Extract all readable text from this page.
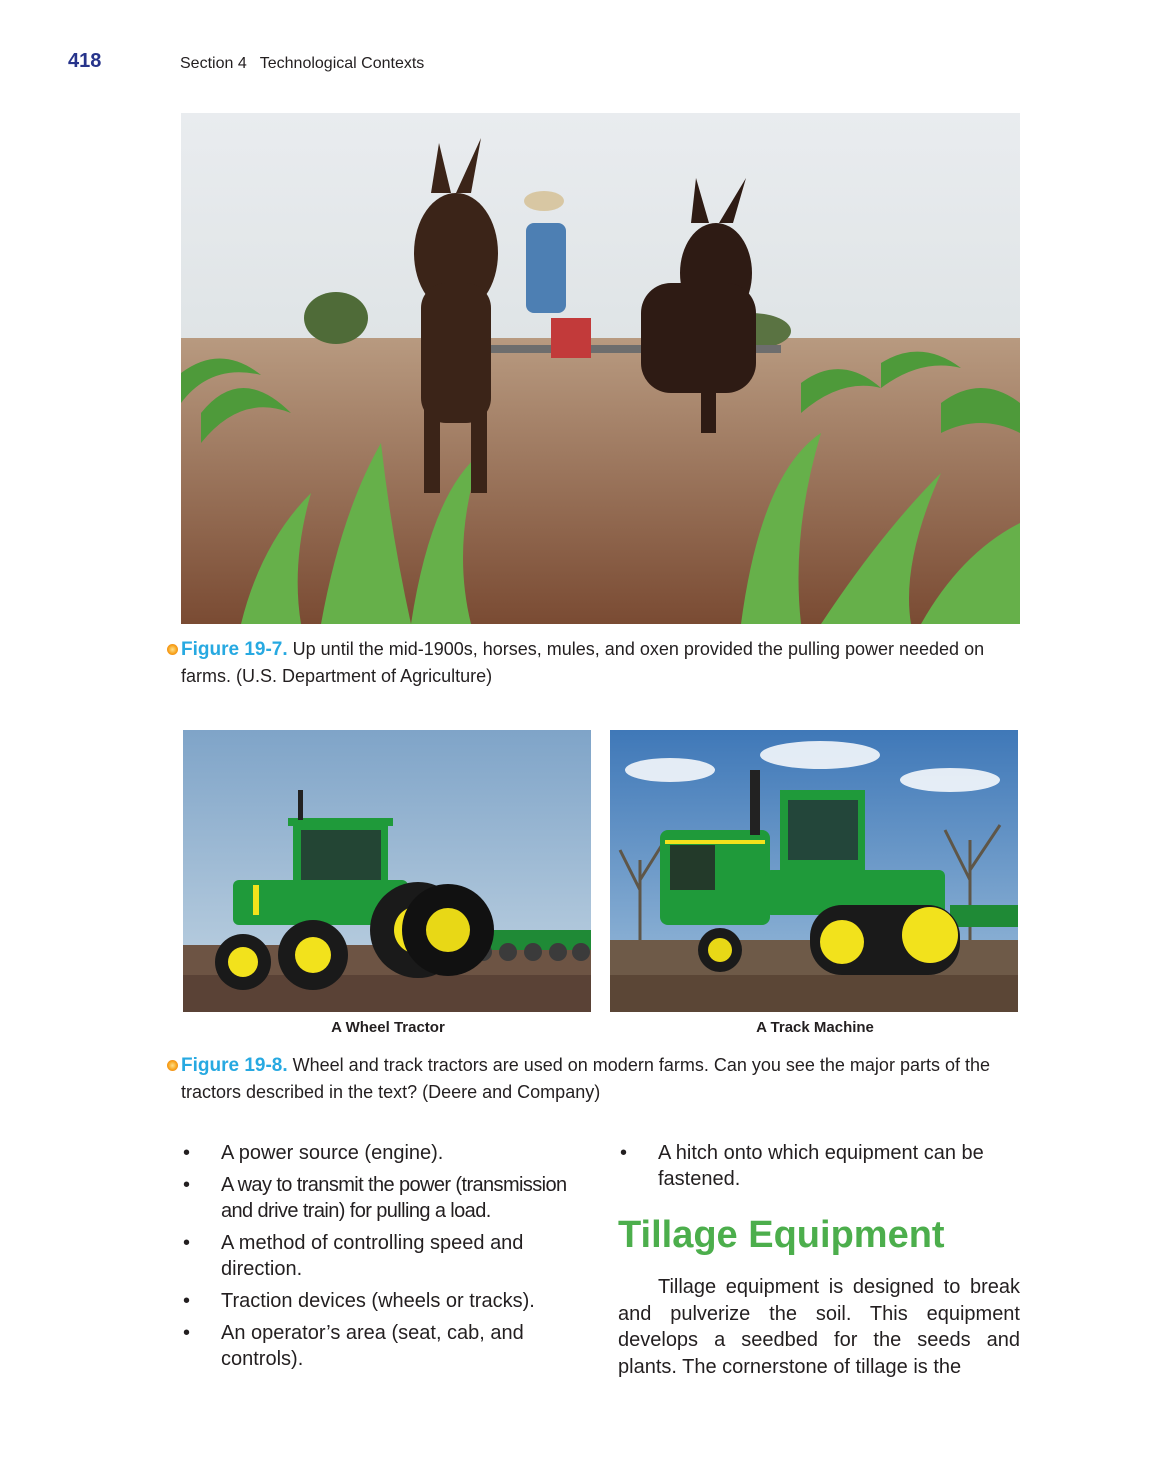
418	Section 4   Technological Contexts
Figure 19-7. Up until the mid-1900s, horses, mules, and oxen provided the pulling power needed on farms. (U.S. Department of Agriculture)
A Wheel Tractor	A Track Machine
Figure 19-8. Wheel and track tractors are used on modern farms. Can you see the major parts of the tractors described in the text? (Deere and Company)
• A power source (engine).
• A way to transmit the power (transmission and drive train) for pulling a load.
• A method of controlling speed and direction.
• Traction devices (wheels or tracks).
• An operator’s area (seat, cab, and controls).
• A hitch onto which equipment can be fastened.
Tillage Equipment

Tillage equipment is designed to break and pulverize the soil. This equipment develops a seedbed for the seeds and plants. The cornerstone of tillage is the
